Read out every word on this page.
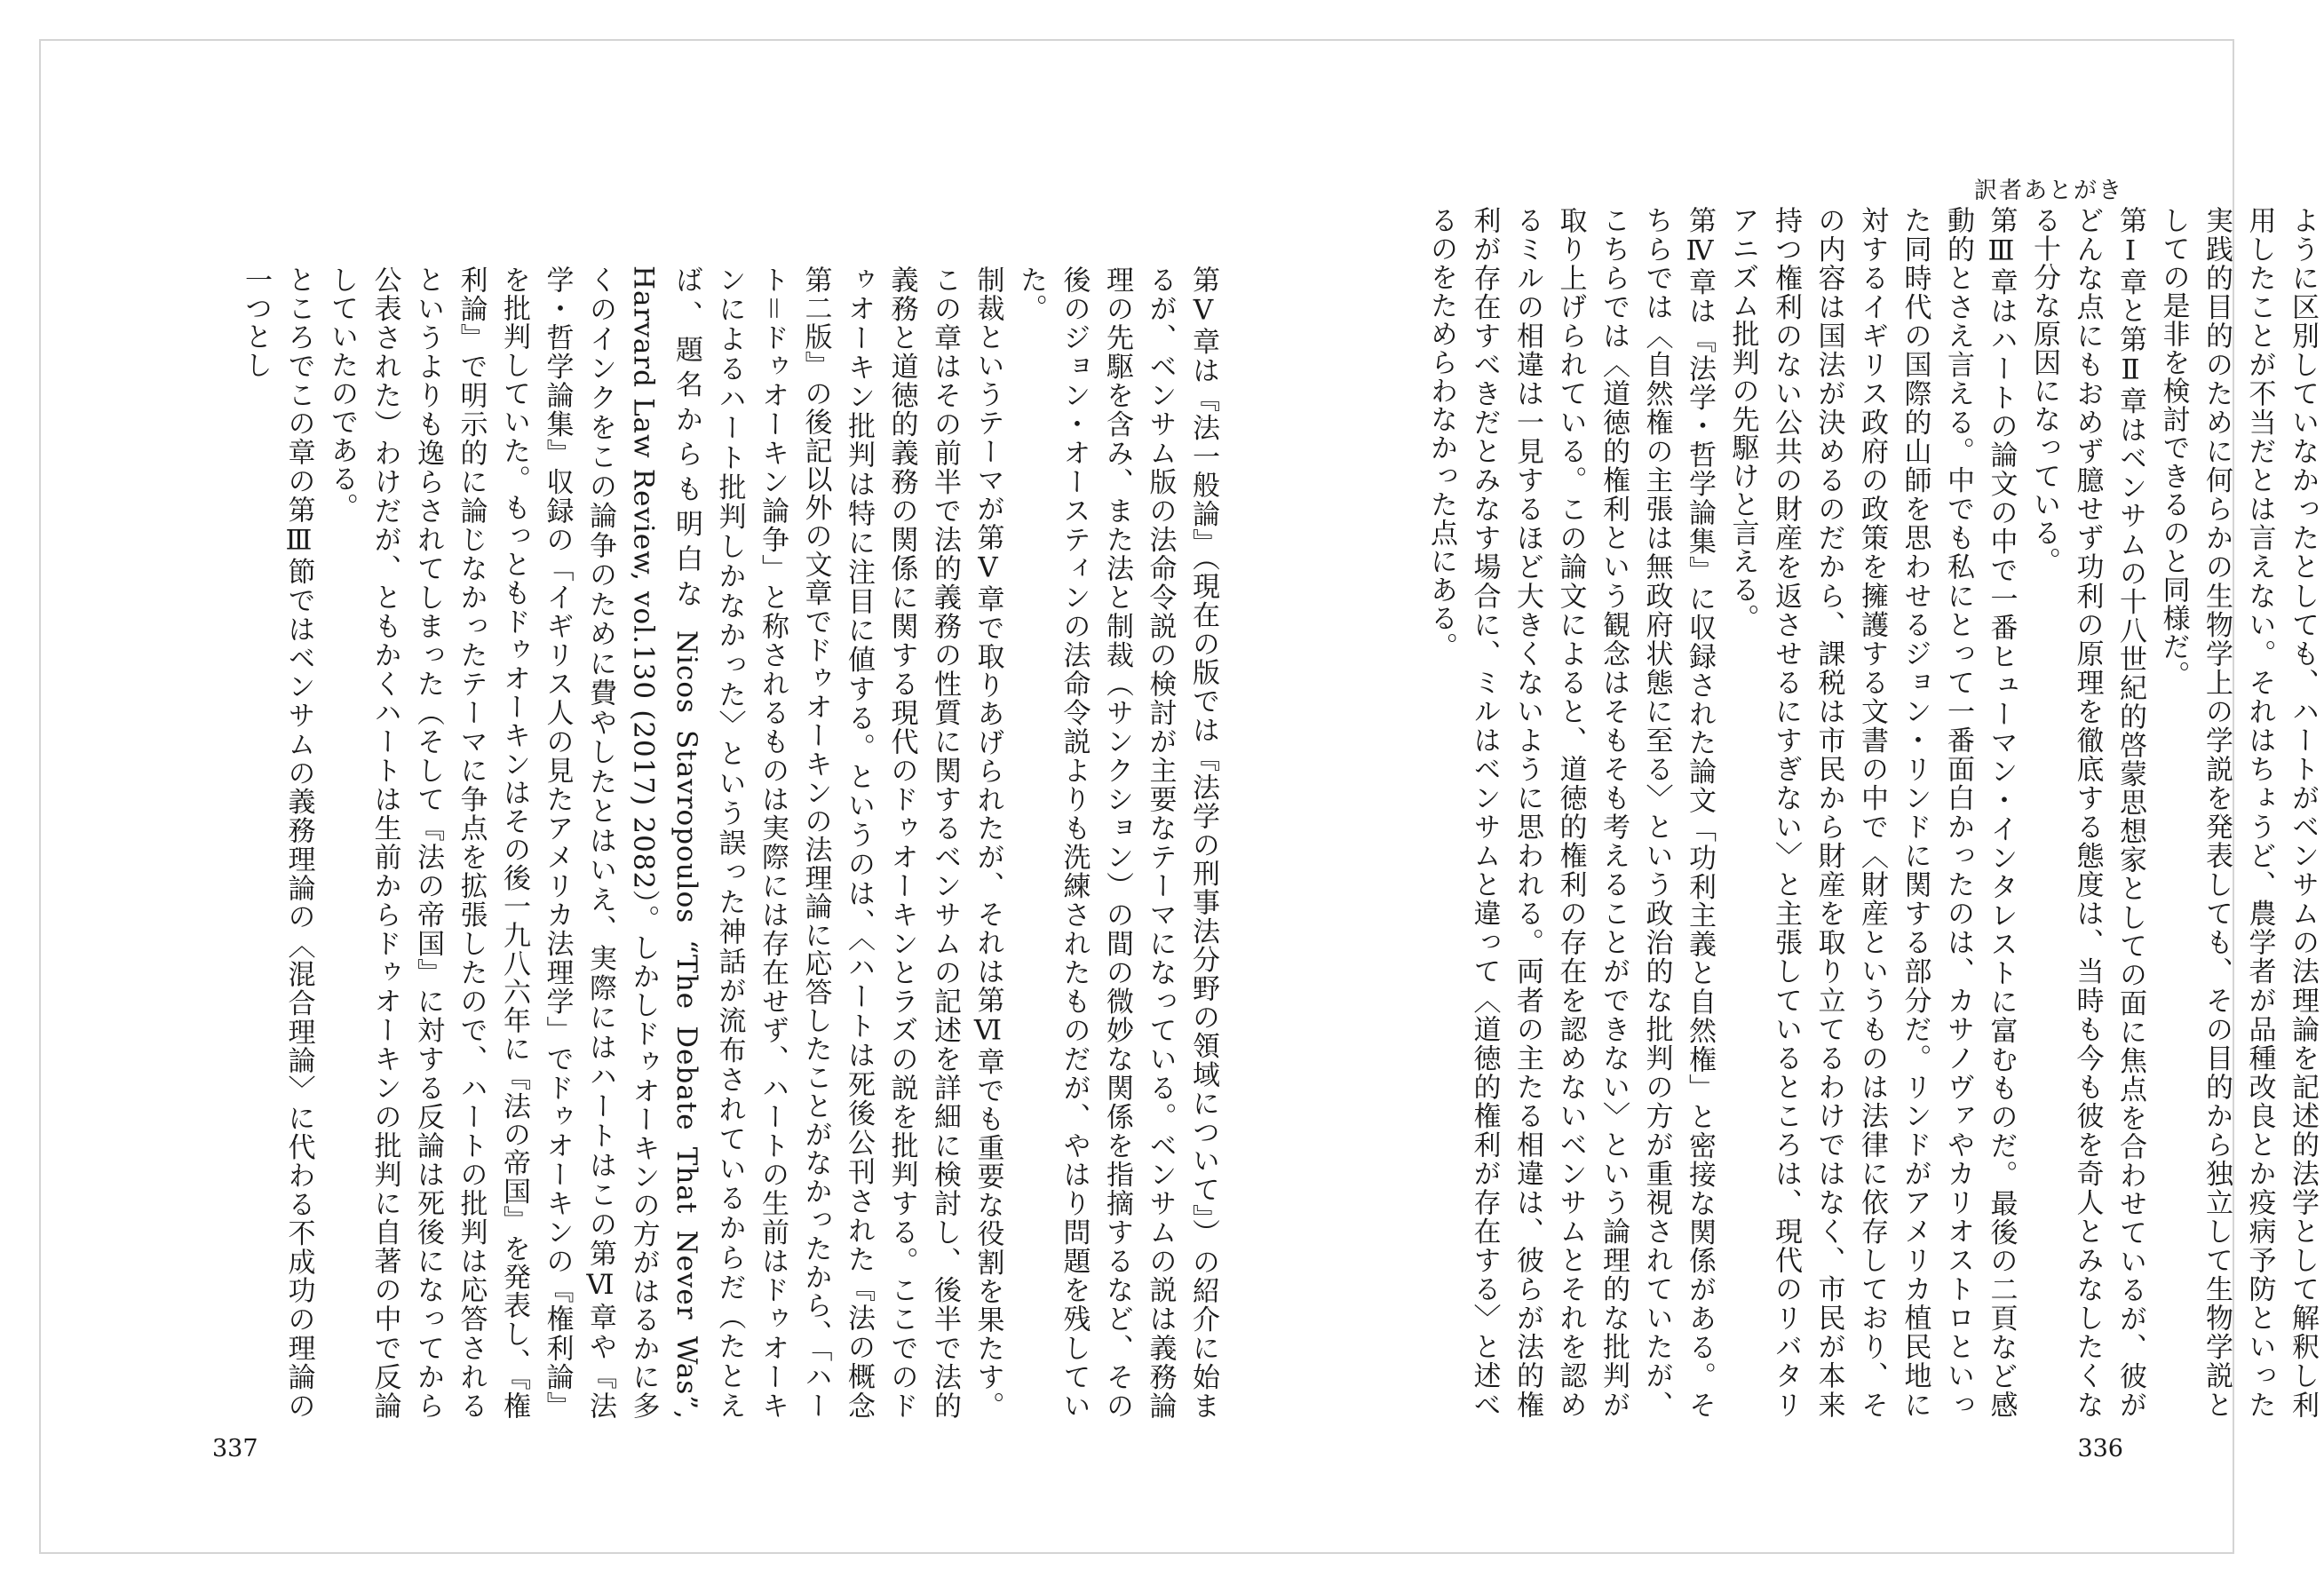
第Ⅴ章は『法一般論』（現在の版では『法学の刑事法分野の領域について』）の紹介に始まるが、ベンサム版の法命令説の検討が主要なテーマになっている。ベンサムの説は義務論理の先駆を含み、また法と制裁（サンクション）の間の微妙な関係を指摘するなど、その後のジョン・オースティンの法命令説よりも洗練されたものだが、やはり問題を残していた。

制裁というテーマが第Ⅴ章で取りあげられたが、それは第Ⅵ章でも重要な役割を果たす。この章はその前半で法的義務の性質に関するベンサムの記述を詳細に検討し、後半で法的義務と道徳的義務の関係に関する現代のドゥオーキンとラズの説を批判する。ここでのドゥオーキン批判は特に注目に値する。というのは、〈ハートは死後公刊された『法の概念　第二版』の後記以外の文章でドゥオーキンの法理論に応答したことがなかったから、「ハート＝ドゥオーキン論争」と称されるものは実際には存在せず、ハートの生前はドゥオーキンによるハート批判しかなかった〉という誤った神話が流布されているからだ（たとえば、題名からも明白な Nicos Stavropoulos “The Debate That Never Was”, Harvard Law Review, vol.130 (2017) 2082）。しかしドゥオーキンの方がはるかに多くのインクをこの論争のために費やしたとはいえ、実際にはハートはこの第Ⅵ章や『法学・哲学論集』収録の「イギリス人の見たアメリカ法理学」でドゥオーキンの『権利論』を批判していた。もっともドゥオーキンはその後一九八六年に『法の帝国』を発表し、『権利論』で明示的に論じなかったテーマに争点を拡張したので、ハートの批判は応答されるというよりも逸らされてしまった（そして『法の帝国』に対する反論は死後になってから公表された）わけだが、ともかくハートは生前からドゥオーキンの批判に自著の中で反論していたのである。

ところでこの章の第Ⅲ節ではベンサムの義務理論の〈混合理論〉に代わる不成功の理論の一つとし

337
訳者あとがき

ように区別していなかったとしても、ハートがベンサムの法理論を記述的法学として解釈し利用したことが不当だとは言えない。それはちょうど、農学者が品種改良とか疫病予防といった実践的目的のために何らかの生物学上の学説を発表しても、その目的から独立して生物学説としての是非を検討できるのと同様だ。

第Ⅰ章と第Ⅱ章はベンサムの十八世紀的啓蒙思想家としての面に焦点を合わせているが、彼がどんな点にもおめず臆せず功利の原理を徹底する態度は、当時も今も彼を奇人とみなしたくなる十分な原因になっている。

第Ⅲ章はハートの論文の中で一番ヒューマン・インタレストに富むものだ。最後の二頁など感動的とさえ言える。中でも私にとって一番面白かったのは、カサノヴァやカリオストロといった同時代の国際的山師を思わせるジョン・リンドに関する部分だ。リンドがアメリカ植民地に対するイギリス政府の政策を擁護する文書の中で〈財産というものは法律に依存しており、その内容は国法が決めるのだから、課税は市民から財産を取り立てるわけではなく、市民が本来持つ権利のない公共の財産を返させるにすぎない〉と主張しているところは、現代のリバタリアニズム批判の先駆けと言える。

第Ⅳ章は『法学・哲学論集』に収録された論文「功利主義と自然権」と密接な関係がある。そちらでは〈自然権の主張は無政府状態に至る〉という政治的な批判の方が重視されていたが、こちらでは〈道徳的権利という観念はそもそも考えることができない〉という論理的な批判が取り上げられている。この論文によると、道徳的権利の存在を認めないベンサムとそれを認めるミルの相違は一見するほど大きくないように思われる。両者の主たる相違は、彼らが法的権利が存在すべきだとみなす場合に、ミルはベンサムと違って〈道徳的権利が存在する〉と述べるのをためらわなかった点にある。

336
